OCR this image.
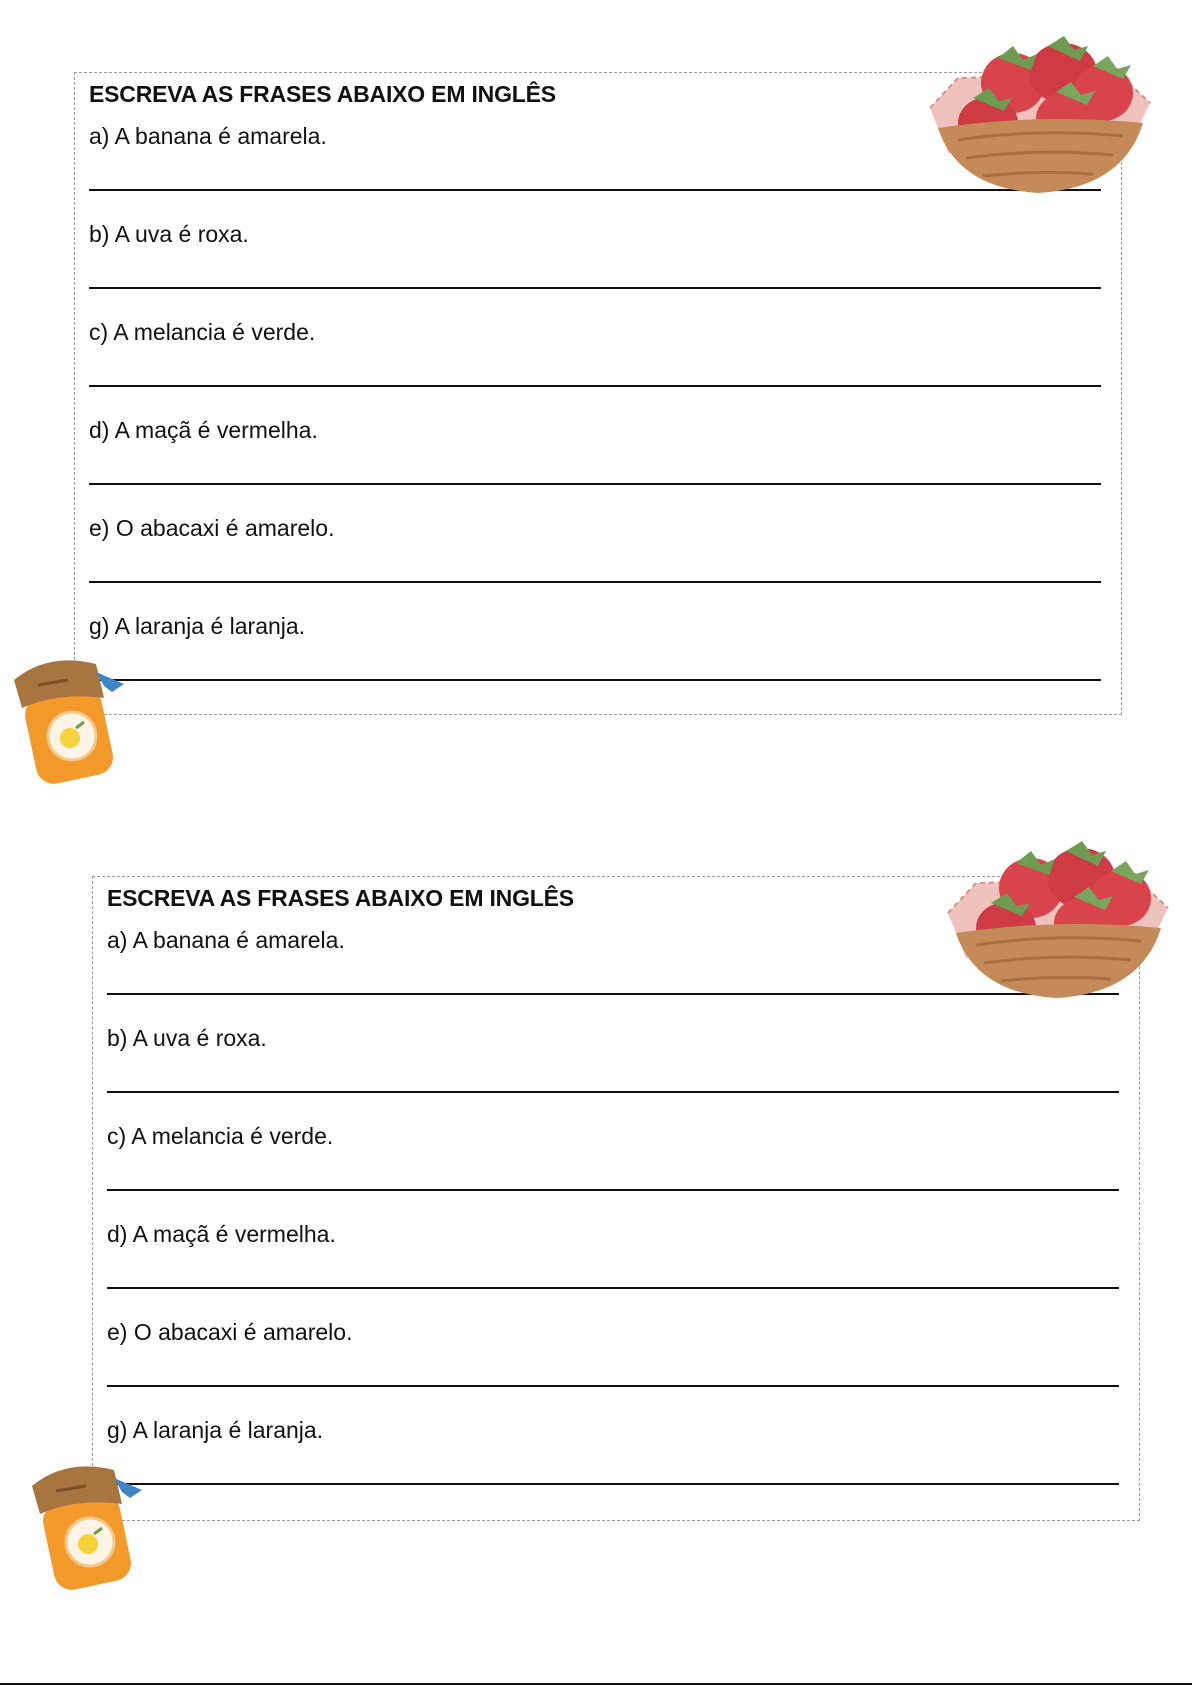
ESCREVA AS FRASES ABAIXO EM INGLÊS
a) A banana é amarela.
b) A uva é roxa.
c) A melancia é verde.
d) A maçã é vermelha.
e) O abacaxi é amarelo.
g) A laranja é laranja.
ESCREVA AS FRASES ABAIXO EM INGLÊS
a) A banana é amarela.
b) A uva é roxa.
c) A melancia é verde.
d) A maçã é vermelha.
e) O abacaxi é amarelo.
g) A laranja é laranja.
